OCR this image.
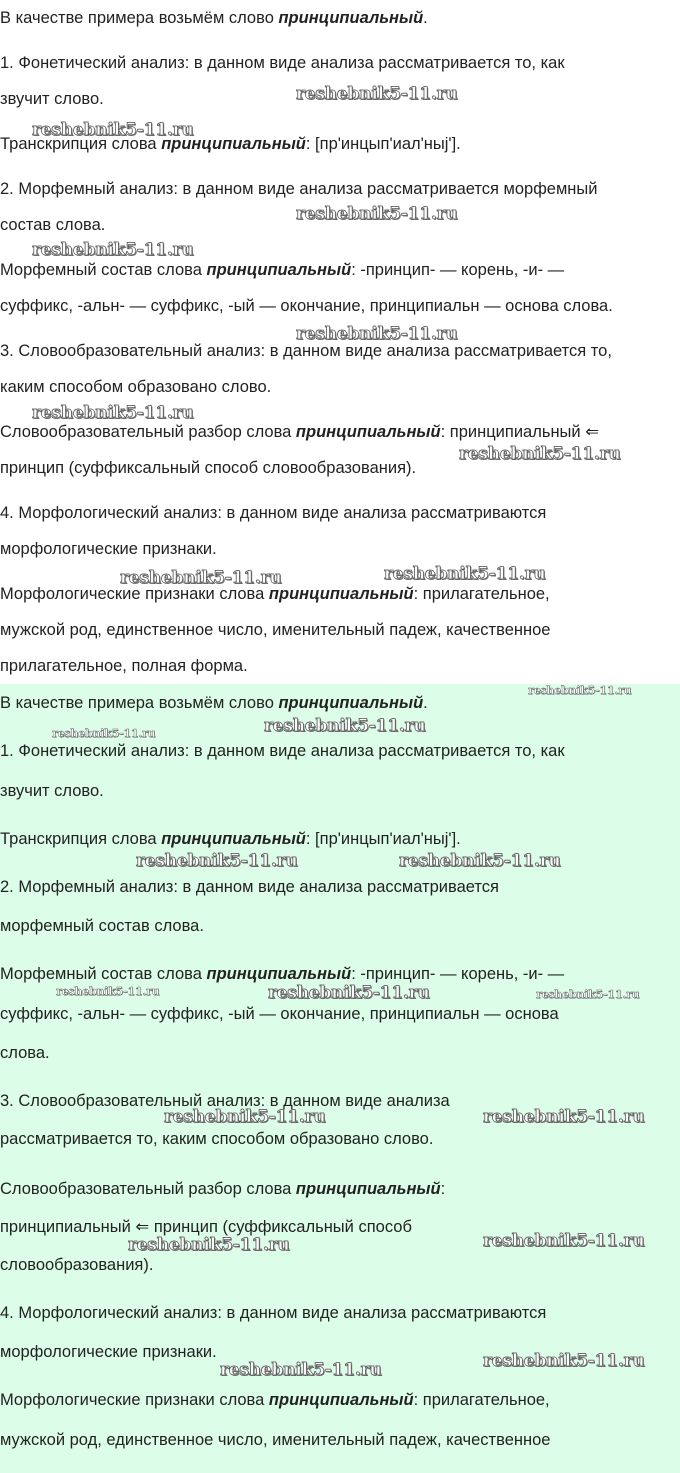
В качестве примера возьмём слово принципиальный.
1. Фонетический анализ: в данном виде анализа рассматривается то, как
звучит слово.
Транскрипция слова принципиальный: [пр'инцып'иал'ныj'].
2. Морфемный анализ: в данном виде анализа рассматривается морфемный
состав слова.
Морфемный состав слова принципиальный: -принцип- — корень, -и- —
суффикс, -альн- — суффикс, -ый — окончание, принципиальн — основа слова.
3. Словообразовательный анализ: в данном виде анализа рассматривается то,
каким способом образовано слово.
Словообразовательный разбор слова принципиальный: принципиальный ⇐
принцип (суффиксальный способ словообразования).
4. Морфологический анализ: в данном виде анализа рассматриваются
морфологические признаки.
Морфологические признаки слова принципиальный: прилагательное,
мужской род, единственное число, именительный падеж, качественное
прилагательное, полная форма.
reshebnik5-11.ru
reshebnik5-11.ru
reshebnik5-11.ru
reshebnik5-11.ru
reshebnik5-11.ru
reshebnik5-11.ru
reshebnik5-11.ru
reshebnik5-11.ru	reshebnik5-11.ru
В качестве примера возьмём слово принципиальный.
1. Фонетический анализ: в данном виде анализа рассматривается то, как
звучит слово.
Транскрипция слова принципиальный: [пр'инцып'иал'ныj'].
2. Морфемный анализ: в данном виде анализа рассматривается
морфемный состав слова.
Морфемный состав слова принципиальный: -принцип- — корень, -и- —
суффикс, -альн- — суффикс, -ый — окончание, принципиальн — основа
слова.
3. Словообразовательный анализ: в данном виде анализа
рассматривается то, каким способом образовано слово.
Словообразовательный разбор слова принципиальный:
принципиальный ⇐ принцип (суффиксальный способ
словообразования).
4. Морфологический анализ: в данном виде анализа рассматриваются
морфологические признаки.
Морфологические признаки слова принципиальный: прилагательное,
мужской род, единственное число, именительный падеж, качественное
reshebnik5-11.ru
reshebnik5-11.ru	reshebnik5-11.ru
reshebnik5-11.ru	reshebnik5-11.ru
reshebnik5-11.ru	reshebnik5-11.ru	reshebnik5-11.ru
reshebnik5-11.ru	reshebnik5-11.ru
reshebnik5-11.ru	reshebnik5-11.ru
reshebnik5-11.ru	reshebnik5-11.ru
